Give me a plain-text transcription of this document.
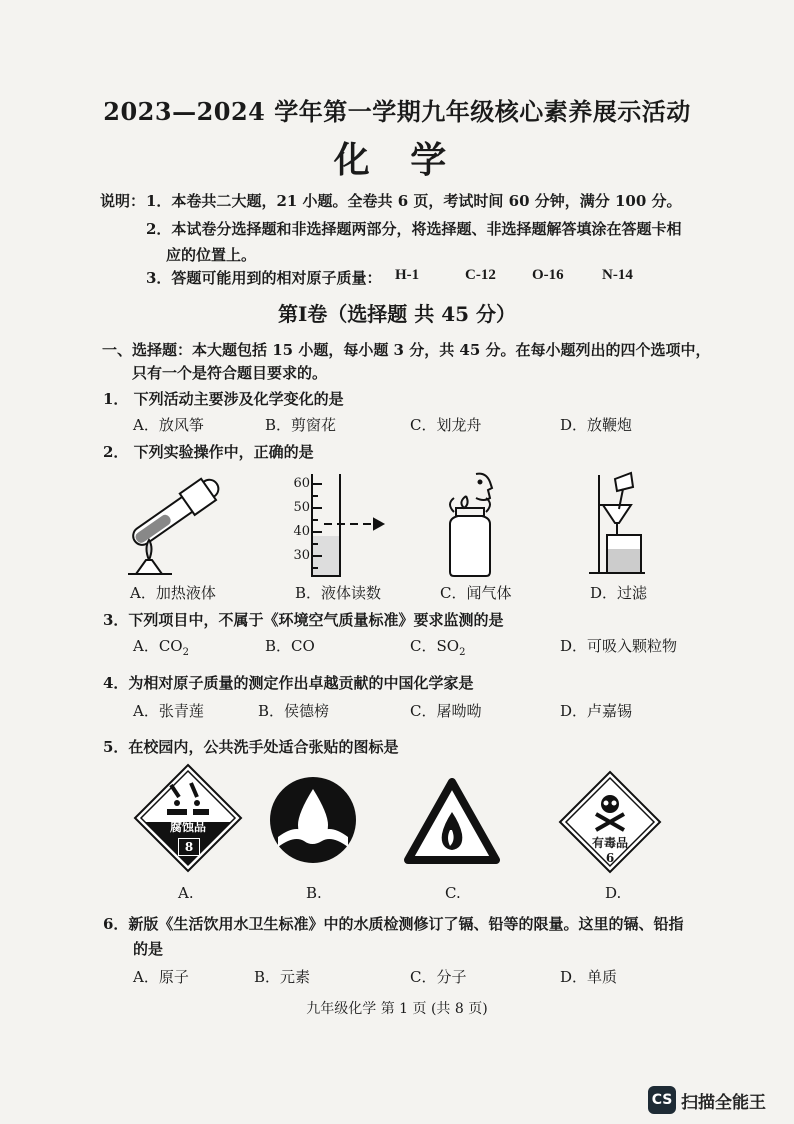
2023—2024 学年第一学期九年级核心素养展示活动
化 学
说明： 1．本卷共二大题，21 小题。全卷共 6 页，考试时间 60 分钟，满分 100 分。
2．本试卷分选择题和非选择题两部分，将选择题、非选择题解答填涂在答题卡相
应的位置上。
3．答题可能用到的相对原子质量： H-1	C-12 O-16	N-14
第Ⅰ卷（选择题 共 45 分）
一、选择题：本大题包括 15 小题，每小题 3 分，共 45 分。在每小题列出的四个选项中，
只有一个是符合题目要求的。
1． 下列活动主要涉及化学变化的是
A．放风筝	B．剪窗花	C．划龙舟	D．放鞭炮
2． 下列实验操作中，正确的是
A．加热液体
60
50
40
30
B．液体读数	C．闻气体	D．过滤
3．下列项目中，不属于《环境空气质量标准》要求监测的是
A．$CO_2$	B．CO	C．$SO_2$	D．可吸入颗粒物
4．为相对原子质量的测定作出卓越贡献的中国化学家是
A．张青莲	B．侯德榜	C．屠呦呦	D．卢嘉锡
5．在校园内，公共洗手处适合张贴的图标是
腐蚀品
8
A.	B.	C.
有毒品
6
D.
6．新版《生活饮用水卫生标准》中的水质检测修订了镉、铅等的限量。这里的镉、铅指
的是
A．原子	B．元素	C．分子	D．单质
九年级化学 第 1 页 (共 8 页)
CS 扫描全能王
